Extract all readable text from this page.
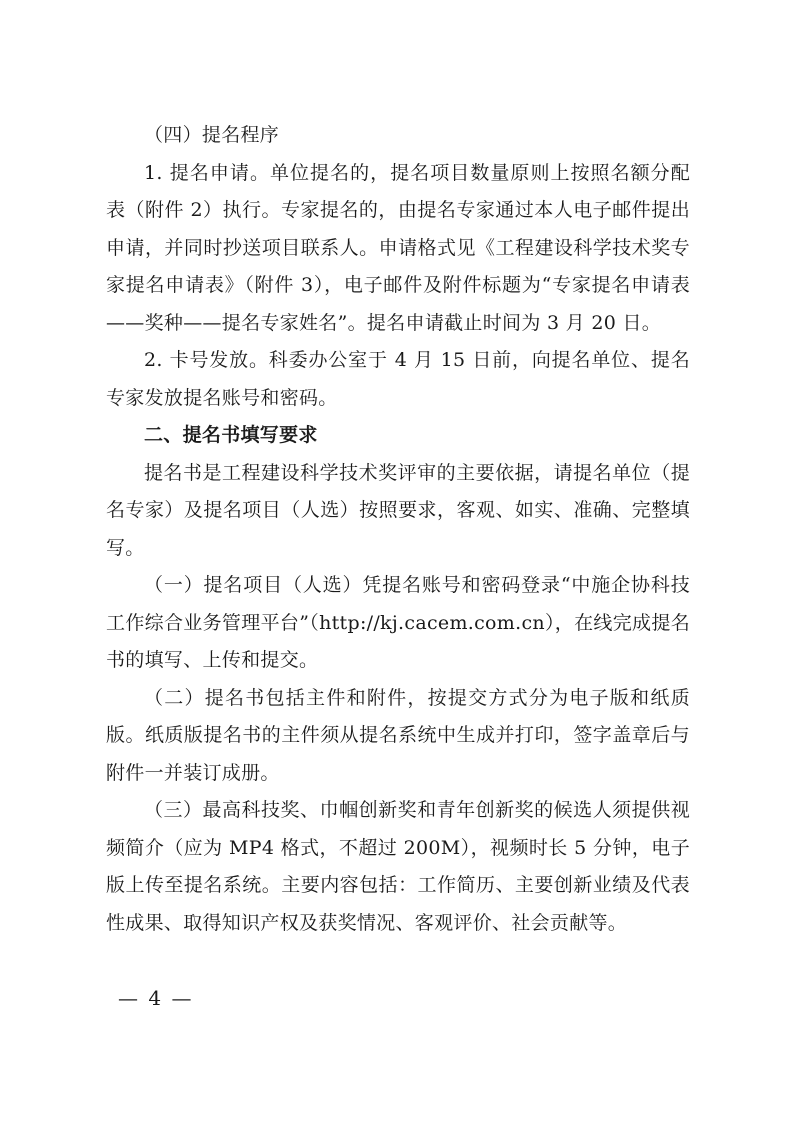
（四）提名程序

1. 提名申请。单位提名的，提名项目数量原则上按照名额分配表（附件 2）执行。专家提名的，由提名专家通过本人电子邮件提出申请，并同时抄送项目联系人。申请格式见《工程建设科学技术奖专家提名申请表》（附件 3），电子邮件及附件标题为“专家提名申请表——奖种——提名专家姓名”。提名申请截止时间为 3 月 20 日。

2. 卡号发放。科委办公室于 4 月 15 日前，向提名单位、提名专家发放提名账号和密码。

二、提名书填写要求

提名书是工程建设科学技术奖评审的主要依据，请提名单位（提名专家）及提名项目（人选）按照要求，客观、如实、准确、完整填写。

（一）提名项目（人选）凭提名账号和密码登录“中施企协科技工作综合业务管理平台”（http://kj.cacem.com.cn），在线完成提名书的填写、上传和提交。

（二）提名书包括主件和附件，按提交方式分为电子版和纸质版。纸质版提名书的主件须从提名系统中生成并打印，签字盖章后与附件一并装订成册。

（三）最高科技奖、巾帼创新奖和青年创新奖的候选人须提供视频简介（应为 MP4 格式，不超过 200M），视频时长 5 分钟，电子版上传至提名系统。主要内容包括：工作简历、主要创新业绩及代表性成果、取得知识产权及获奖情况、客观评价、社会贡献等。

— 4 —
